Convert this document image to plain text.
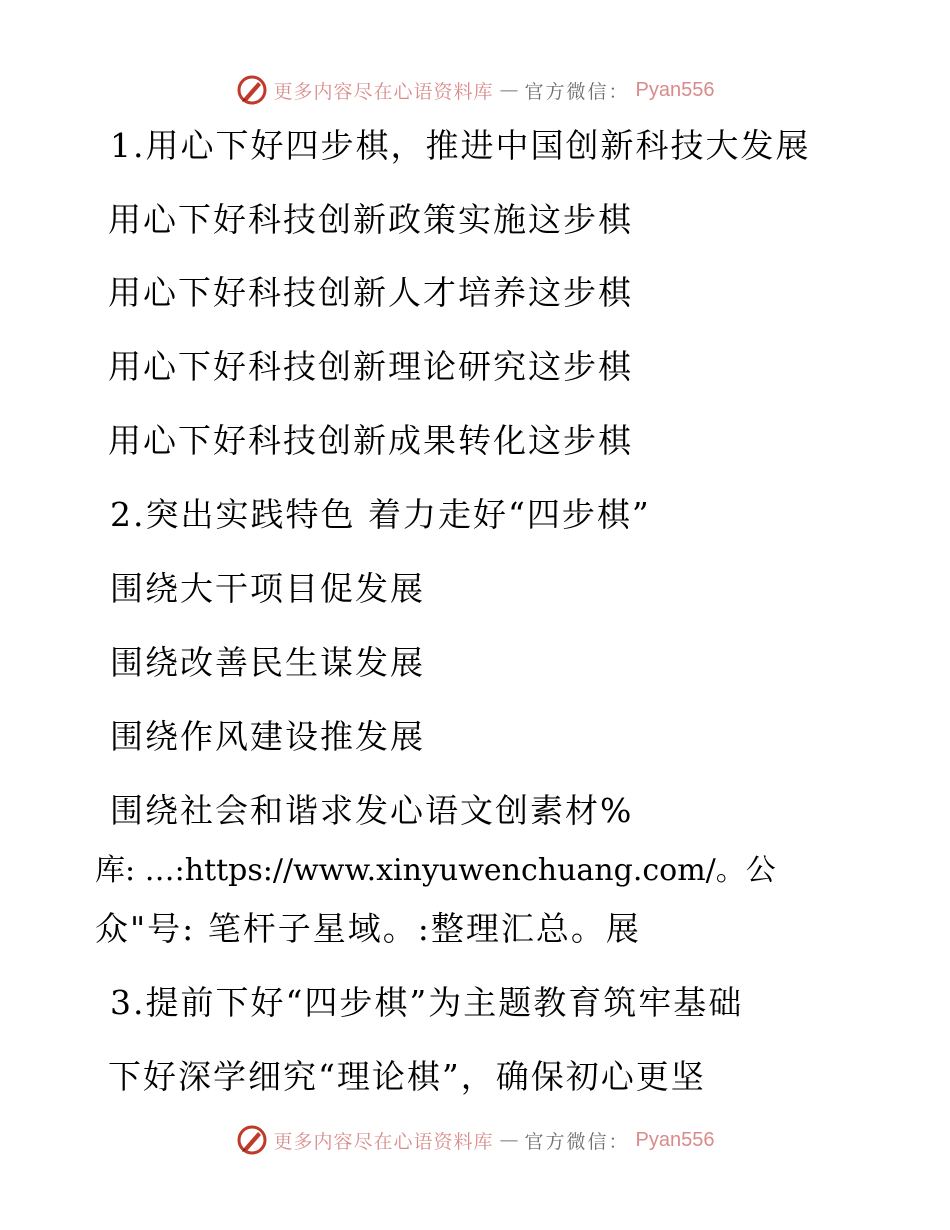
更多内容尽在心语资料库 — 官方微信： Pyan556
1.用心下好四步棋，推进中国创新科技大发展
用心下好科技创新政策实施这步棋
用心下好科技创新人才培养这步棋
用心下好科技创新理论研究这步棋
用心下好科技创新成果转化这步棋
2.突出实践特色 着力走好“四步棋”
围绕大干项目促发展
围绕改善民生谋发展
围绕作风建设推发展
围绕社会和谐求发心语文创素材%
库: …:https://www.xinyuwenchuang.com/。公
众"号: 笔杆子星域。:整理汇总。展
3.提前下好“四步棋”为主题教育筑牢基础
下好深学细究“理论棋”，确保初心更坚
更多内容尽在心语资料库 — 官方微信： Pyan556
